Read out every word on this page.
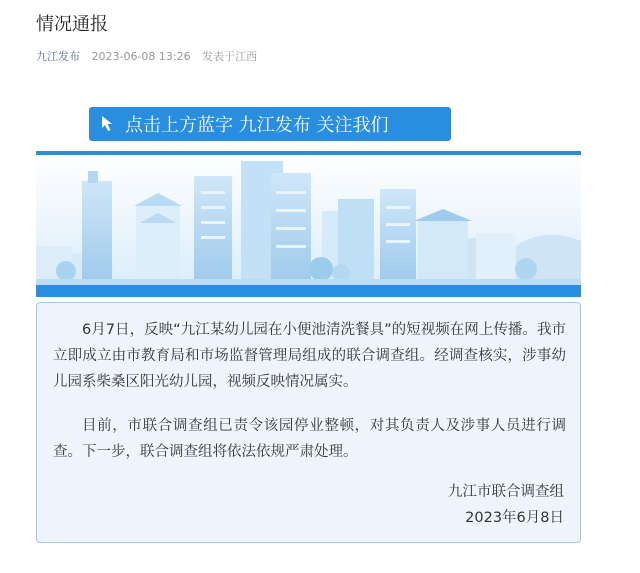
情况通报
九江发布 2023-06-08 13:26 发表于江西
点击上方蓝字 九江发布 关注我们

6月7日，反映“九江某幼儿园在小便池清洗餐具”的短视频在网上传播。我市立即成立由市教育局和市场监督管理局组成的联合调查组。经调查核实，涉事幼儿园系柴桑区阳光幼儿园，视频反映情况属实。

目前，市联合调查组已责令该园停业整顿，对其负责人及涉事人员进行调查。下一步，联合调查组将依法依规严肃处理。

九江市联合调查组
2023年6月8日
